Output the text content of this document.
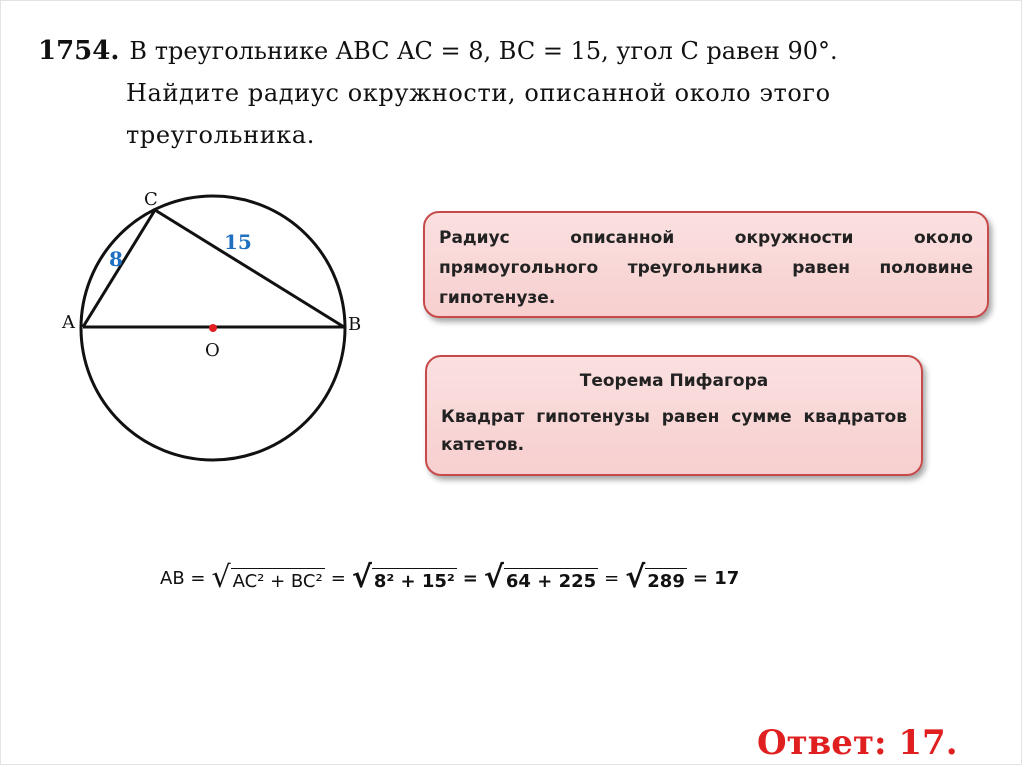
1754. В треугольнике ABC AC = 8, BC = 15, угол C равен 90°.
Найдите радиус окружности, описанной около этого
треугольника.
A	B
C
O
8
15	Радиус описанной окружности около прямоугольного треугольника равен половине гипотенузе.
Теорема Пифагора
Квадрат гипотенузы равен сумме квадратов катетов.
AB = √ AC² + BC² = √ 8² + 15² = √ 64 + 225 = √ 289 = 17
Ответ: 17.
